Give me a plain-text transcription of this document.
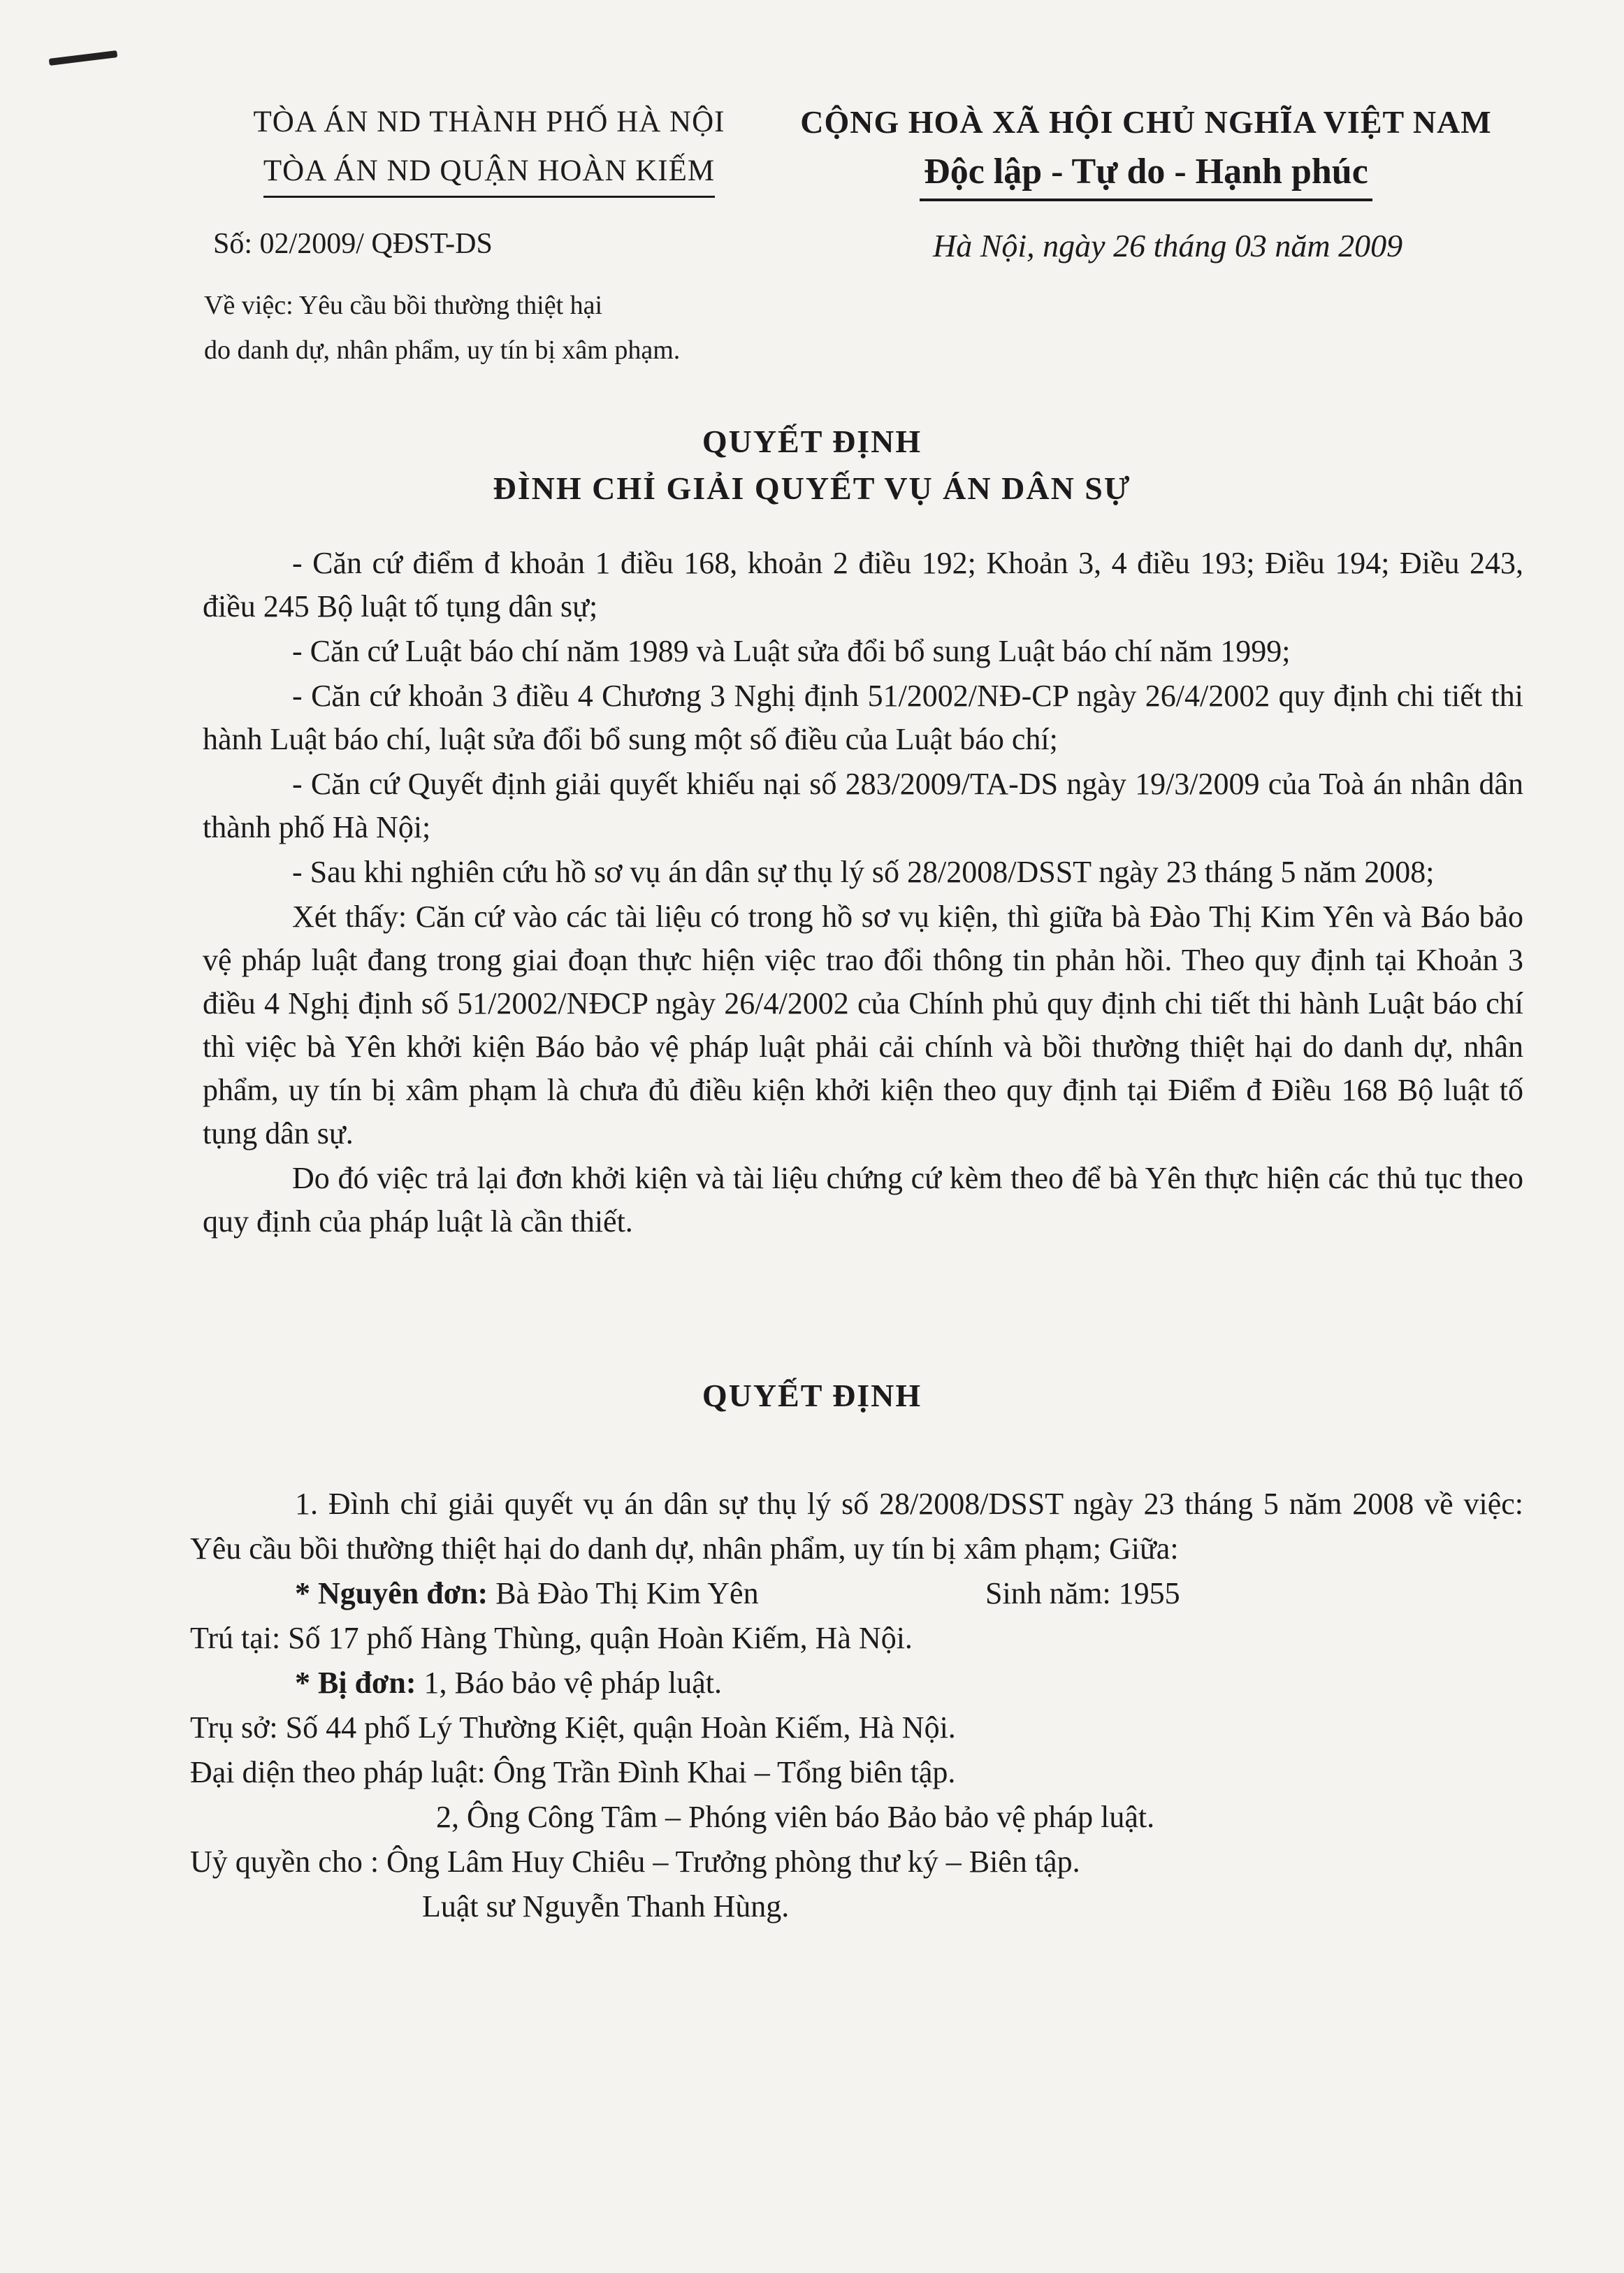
TÒA ÁN ND THÀNH PHỐ HÀ NỘI
TÒA ÁN ND QUẬN HOÀN KIẾM
CỘNG HOÀ XÃ HỘI CHỦ NGHĨA VIỆT NAM
Độc lập - Tự do - Hạnh phúc
Số: 02/2009/ QĐST-DS	Hà Nội, ngày 26 tháng 03 năm 2009
Về việc: Yêu cầu bồi thường thiệt hại
do danh dự, nhân phẩm, uy tín bị xâm phạm.
QUYẾT ĐỊNH
ĐÌNH CHỈ GIẢI QUYẾT VỤ ÁN DÂN SỰ

- Căn cứ điểm đ khoản 1 điều 168, khoản 2 điều 192; Khoản 3, 4 điều 193; Điều 194; Điều 243, điều 245 Bộ luật tố tụng dân sự;

- Căn cứ Luật báo chí năm 1989 và Luật sửa đổi bổ sung Luật báo chí năm 1999;

- Căn cứ khoản 3 điều 4 Chương 3 Nghị định 51/2002/NĐ-CP ngày 26/4/2002 quy định chi tiết thi hành Luật báo chí, luật sửa đổi bổ sung một số điều của Luật báo chí;

- Căn cứ Quyết định giải quyết khiếu nại số 283/2009/TA-DS ngày 19/3/2009 của Toà án nhân dân thành phố Hà Nội;

- Sau khi nghiên cứu hồ sơ vụ án dân sự thụ lý số 28/2008/DSST ngày 23 tháng 5 năm 2008;

Xét thấy: Căn cứ vào các tài liệu có trong hồ sơ vụ kiện, thì giữa bà Đào Thị Kim Yên và Báo bảo vệ pháp luật đang trong giai đoạn thực hiện việc trao đổi thông tin phản hồi. Theo quy định tại Khoản 3 điều 4 Nghị định số 51/2002/NĐCP ngày 26/4/2002 của Chính phủ quy định chi tiết thi hành Luật báo chí thì việc bà Yên khởi kiện Báo bảo vệ pháp luật phải cải chính và bồi thường thiệt hại do danh dự, nhân phẩm, uy tín bị xâm phạm là chưa đủ điều kiện khởi kiện theo quy định tại Điểm đ Điều 168 Bộ luật tố tụng dân sự.

Do đó việc trả lại đơn khởi kiện và tài liệu chứng cứ kèm theo để bà Yên thực hiện các thủ tục theo quy định của pháp luật là cần thiết.

QUYẾT ĐỊNH

1. Đình chỉ giải quyết vụ án dân sự thụ lý số 28/2008/DSST ngày 23 tháng 5 năm 2008 về việc: Yêu cầu bồi thường thiệt hại do danh dự, nhân phẩm, uy tín bị xâm phạm; Giữa:

* Nguyên đơn: Bà Đào Thị Kim Yên	Sinh năm: 1955
Trú tại: Số 17 phố Hàng Thùng, quận Hoàn Kiếm, Hà Nội.
* Bị đơn: 1, Báo bảo vệ pháp luật.
Trụ sở: Số 44 phố Lý Thường Kiệt, quận Hoàn Kiếm, Hà Nội.
Đại diện theo pháp luật: Ông Trần Đình Khai – Tổng biên tập.
2, Ông Công Tâm – Phóng viên báo Bảo bảo vệ pháp luật.
Uỷ quyền cho : Ông Lâm Huy Chiêu – Trưởng phòng thư ký – Biên tập.
Luật sư Nguyễn Thanh Hùng.
